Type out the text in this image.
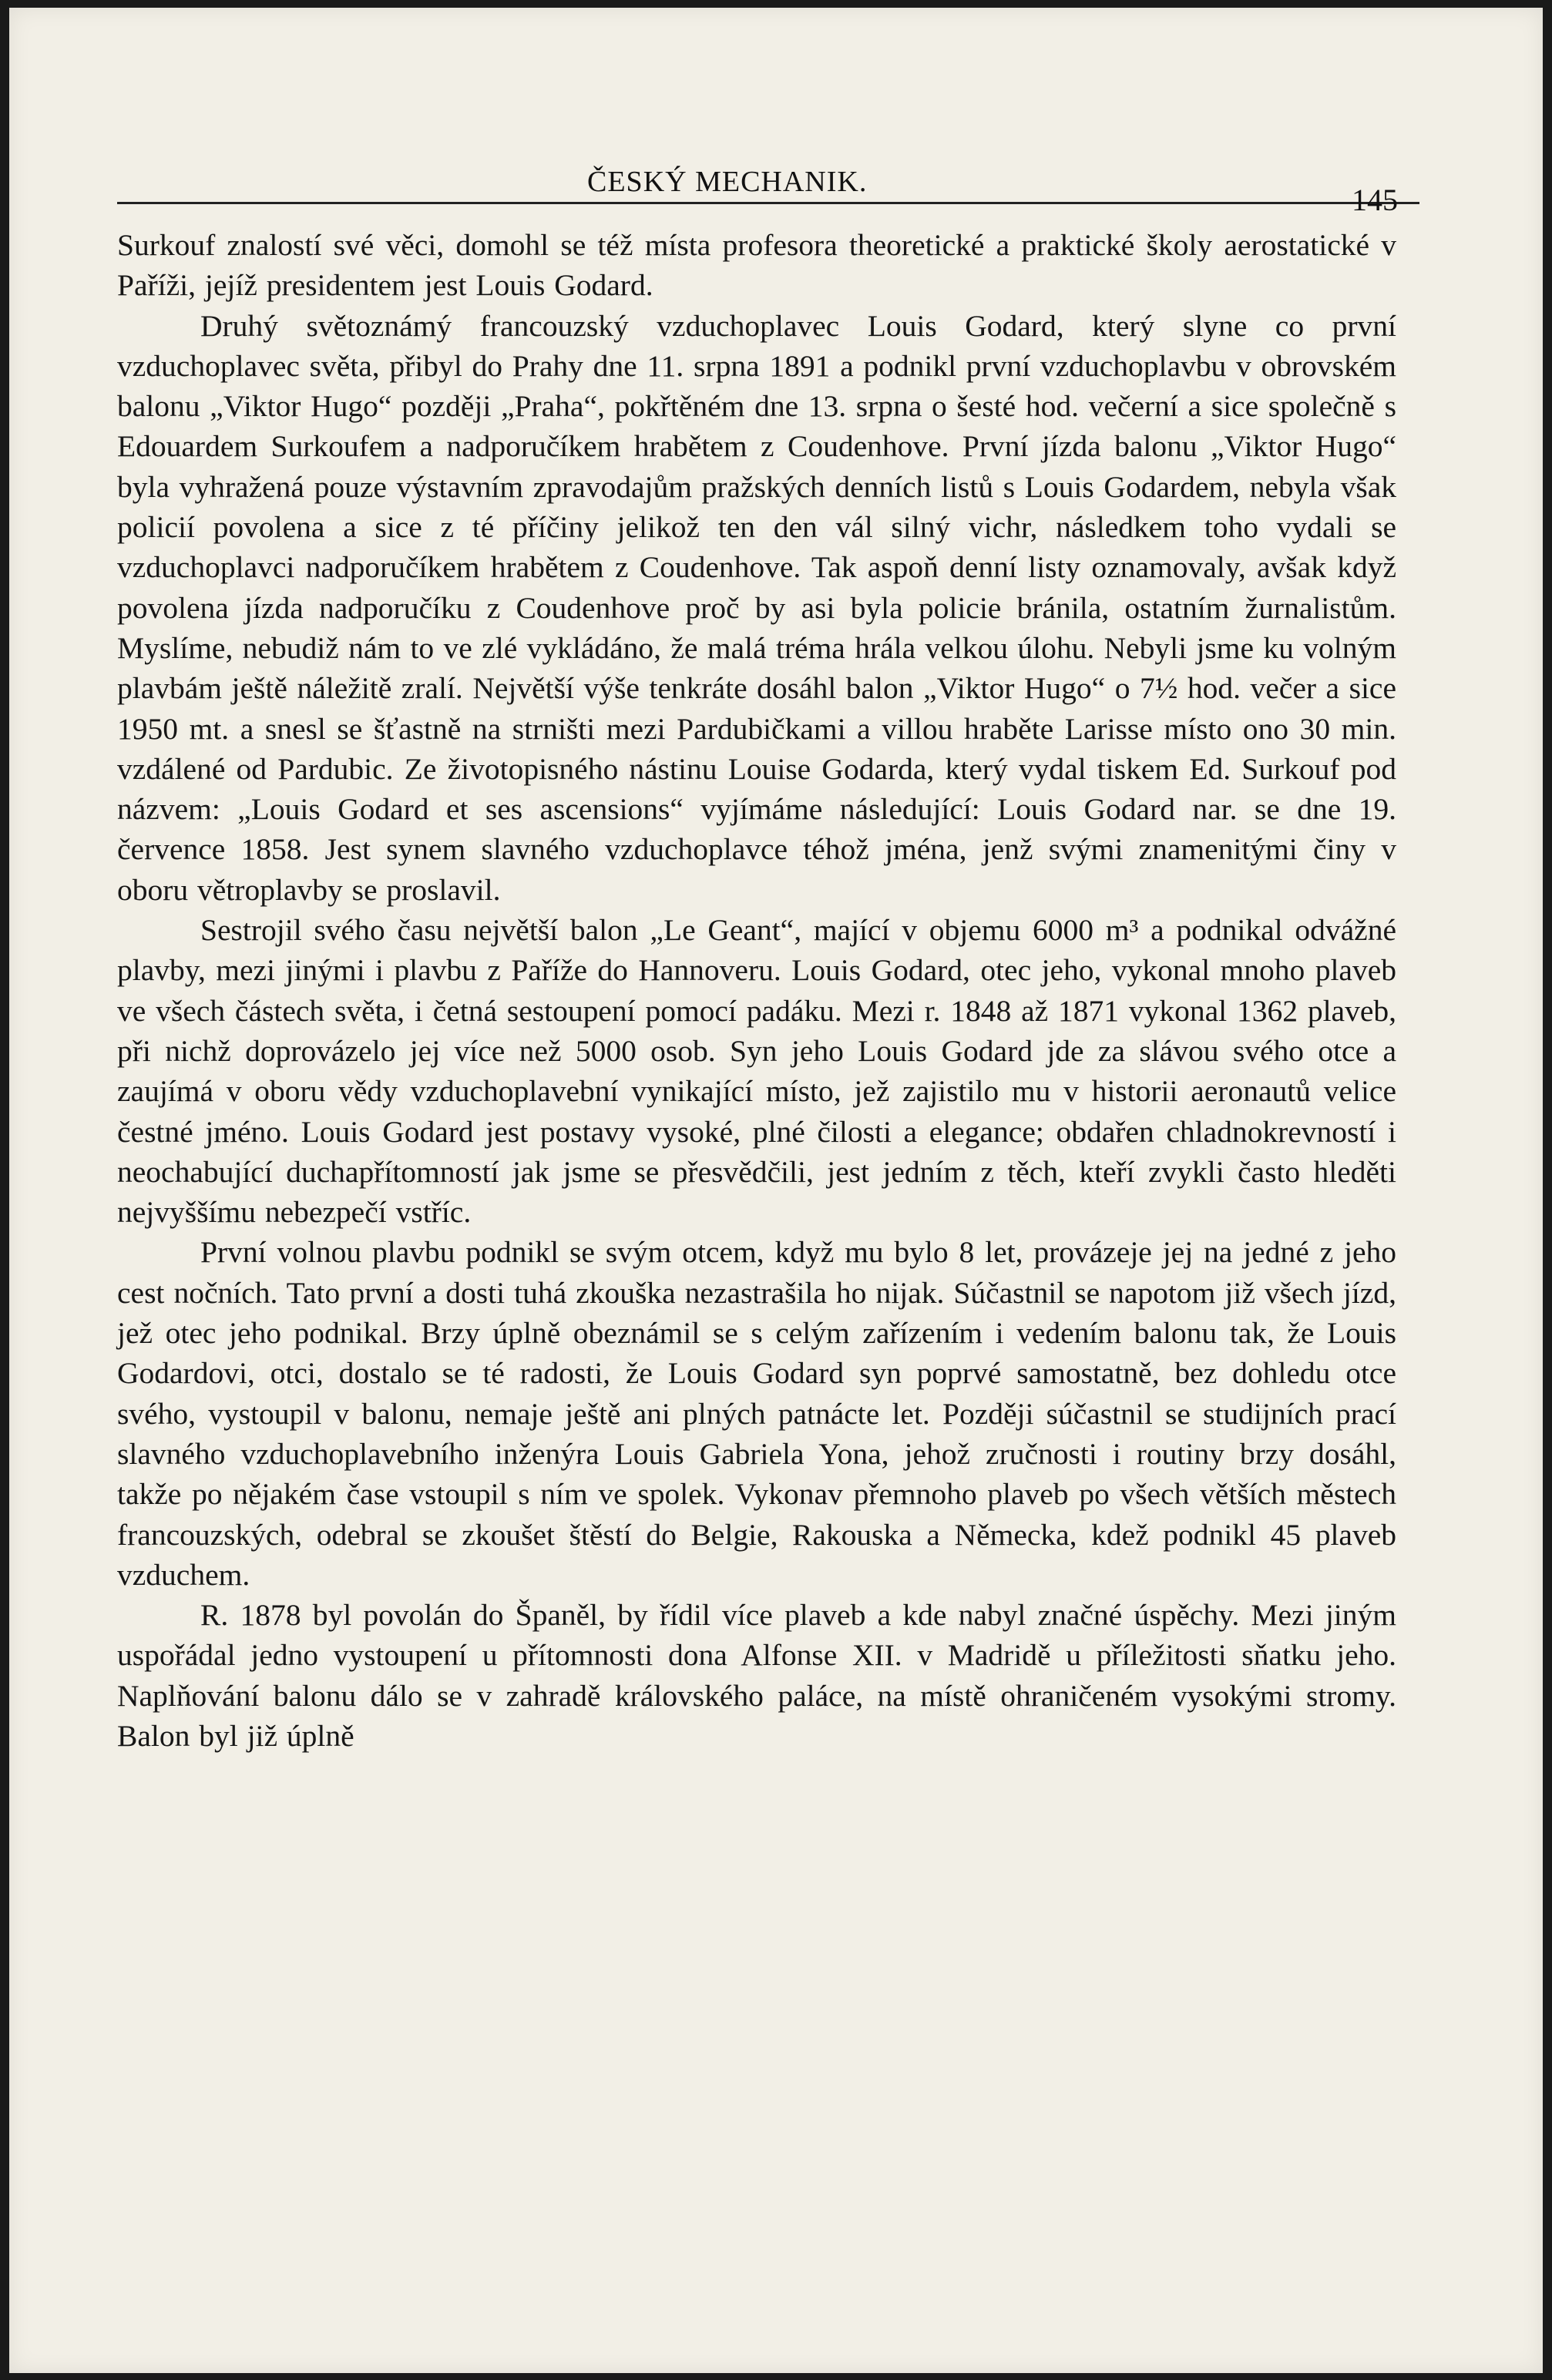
ČESKÝ MECHANIK.
145

Surkouf znalostí své věci, domohl se též místa profesora theoretické a praktické školy aerostatické v Paříži, jejíž presidentem jest Louis Godard.

Druhý světoznámý francouzský vzduchoplavec Louis Godard, který slyne co první vzduchoplavec světa, přibyl do Prahy dne 11. srpna 1891 a podnikl první vzduchoplavbu v obrovském balonu „Viktor Hugo“ později „Praha“, pokřtěném dne 13. srpna o šesté hod. večerní a sice společně s Edouardem Surkoufem a nadporučíkem hrabětem z Coudenhove. První jízda balonu „Viktor Hugo“ byla vyhražená pouze výstavním zpravodajům pražských denních listů s Louis Godardem, nebyla však policií povolena a sice z té příčiny jelikož ten den vál silný vichr, následkem toho vydali se vzduchoplavci nadporučíkem hrabětem z Coudenhove. Tak aspoň denní listy oznamovaly, avšak když povolena jízda nadporučíku z Coudenhove proč by asi byla policie bránila, ostatním žurnalistům. Myslíme, nebudiž nám to ve zlé vykládáno, že malá tréma hrála velkou úlohu. Nebyli jsme ku volným plavbám ještě náležitě zralí. Největší výše tenkráte dosáhl balon „Viktor Hugo“ o 7½ hod. večer a sice 1950 mt. a snesl se šťastně na strništi mezi Pardubičkami a villou hraběte Larisse místo ono 30 min. vzdálené od Pardubic. Ze životopisného nástinu Louise Godarda, který vydal tiskem Ed. Surkouf pod názvem: „Louis Godard et ses ascensions“ vyjímáme následující: Louis Godard nar. se dne 19. července 1858. Jest synem slavného vzduchoplavce téhož jména, jenž svými znamenitými činy v oboru větroplavby se proslavil.

Sestrojil svého času největší balon „Le Geant“, mající v objemu 6000 m³ a podnikal odvážné plavby, mezi jinými i plavbu z Paříže do Hannoveru. Louis Godard, otec jeho, vykonal mnoho plaveb ve všech částech světa, i četná sestoupení pomocí padáku. Mezi r. 1848 až 1871 vykonal 1362 plaveb, při nichž doprovázelo jej více než 5000 osob. Syn jeho Louis Godard jde za slávou svého otce a zaujímá v oboru vědy vzduchoplavební vynikající místo, jež zajistilo mu v historii aeronautů velice čestné jméno. Louis Godard jest postavy vysoké, plné čilosti a elegance; obdařen chladnokrevností i neochabující duchapřítomností jak jsme se přesvědčili, jest jedním z těch, kteří zvykli často hleděti nejvyššímu nebezpečí vstříc.

První volnou plavbu podnikl se svým otcem, když mu bylo 8 let, provázeje jej na jedné z jeho cest nočních. Tato první a dosti tuhá zkouška nezastrašila ho nijak. Súčastnil se napotom již všech jízd, jež otec jeho podnikal. Brzy úplně obeznámil se s celým zařízením i vedením balonu tak, že Louis Godardovi, otci, dostalo se té radosti, že Louis Godard syn poprvé samostatně, bez dohledu otce svého, vystoupil v balonu, nemaje ještě ani plných patnácte let. Později súčastnil se studijních prací slavného vzduchoplavebního inženýra Louis Gabriela Yona, jehož zručnosti i routiny brzy dosáhl, takže po nějakém čase vstoupil s ním ve spolek. Vykonav přemnoho plaveb po všech větších městech francouzských, odebral se zkoušet štěstí do Belgie, Rakouska a Německa, kdež podnikl 45 plaveb vzduchem.

R. 1878 byl povolán do Španěl, by řídil více plaveb a kde nabyl značné úspěchy. Mezi jiným uspořádal jedno vystoupení u přítomnosti dona Alfonse XII. v Madridě u příležitosti sňatku jeho. Naplňování balonu dálo se v zahradě královského paláce, na místě ohraničeném vysokými stromy. Balon byl již úplně
